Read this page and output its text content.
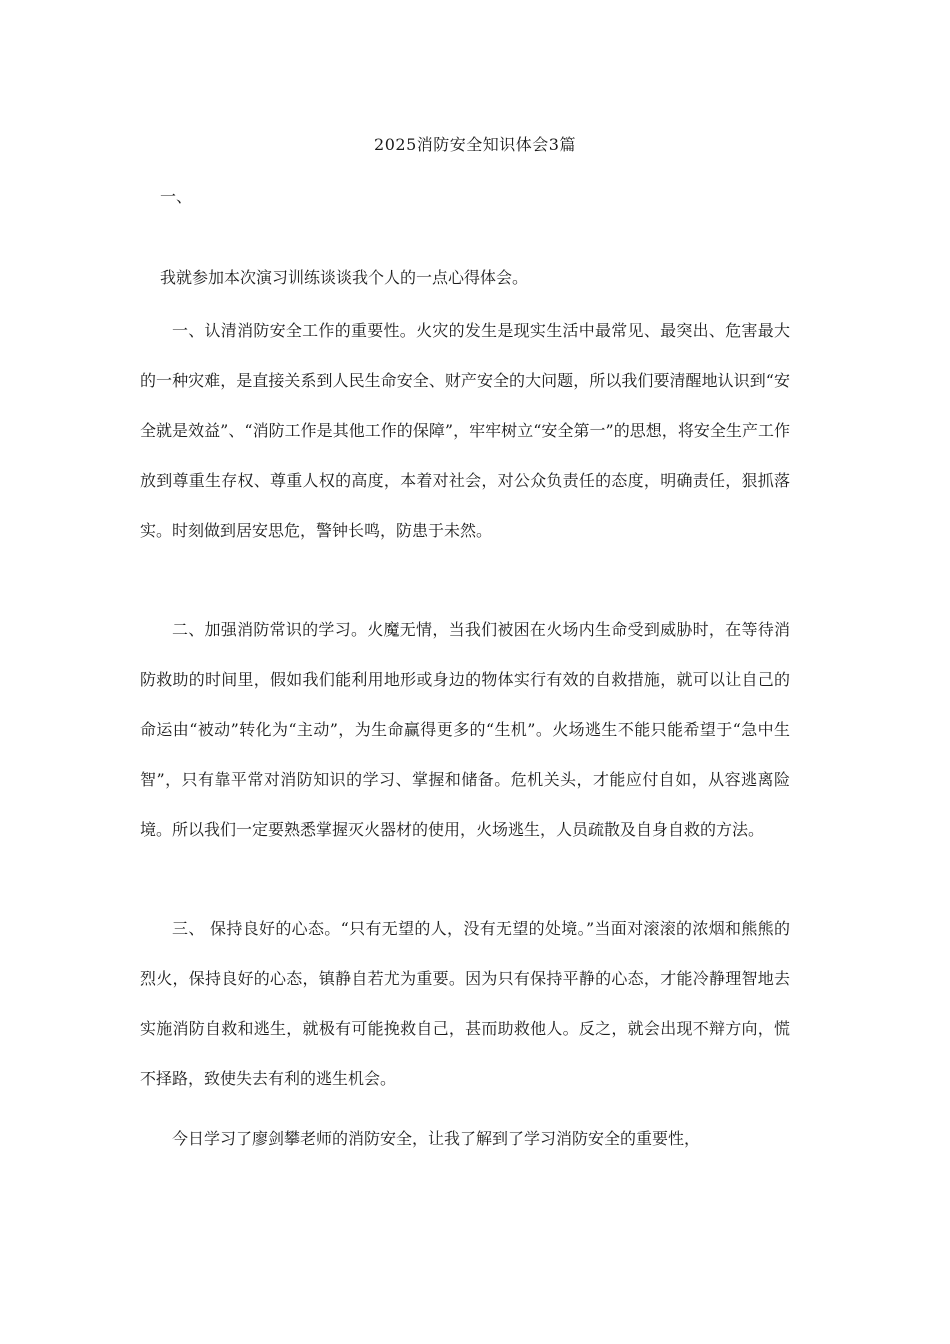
2025消防安全知识体会3篇

一、

我就参加本次演习训练谈谈我个人的一点心得体会。

一、认清消防安全工作的重要性。火灾的发生是现实生活中最常见、最突出、危害最大的一种灾难，是直接关系到人民生命安全、财产安全的大问题，所以我们要清醒地认识到“安全就是效益”、“消防工作是其他工作的保障”，牢牢树立“安全第一”的思想，将安全生产工作放到尊重生存权、尊重人权的高度，本着对社会，对公众负责任的态度，明确责任，狠抓落实。时刻做到居安思危，警钟长鸣，防患于未然。

二、加强消防常识的学习。火魔无情，当我们被困在火场内生命受到威胁时，在等待消防救助的时间里，假如我们能利用地形或身边的物体实行有效的自救措施，就可以让自己的命运由“被动”转化为“主动”，为生命赢得更多的“生机”。火场逃生不能只能希望于“急中生智”，只有靠平常对消防知识的学习、掌握和储备。危机关头，才能应付自如，从容逃离险境。所以我们一定要熟悉掌握灭火器材的使用，火场逃生，人员疏散及自身自救的方法。

三、 保持良好的心态。“只有无望的人，没有无望的处境。”当面对滚滚的浓烟和熊熊的烈火，保持良好的心态，镇静自若尤为重要。因为只有保持平静的心态，才能冷静理智地去实施消防自救和逃生，就极有可能挽救自己，甚而助救他人。反之，就会出现不辩方向，慌不择路，致使失去有利的逃生机会。

今日学习了廖剑攀老师的消防安全，让我了解到了学习消防安全的重要性，
